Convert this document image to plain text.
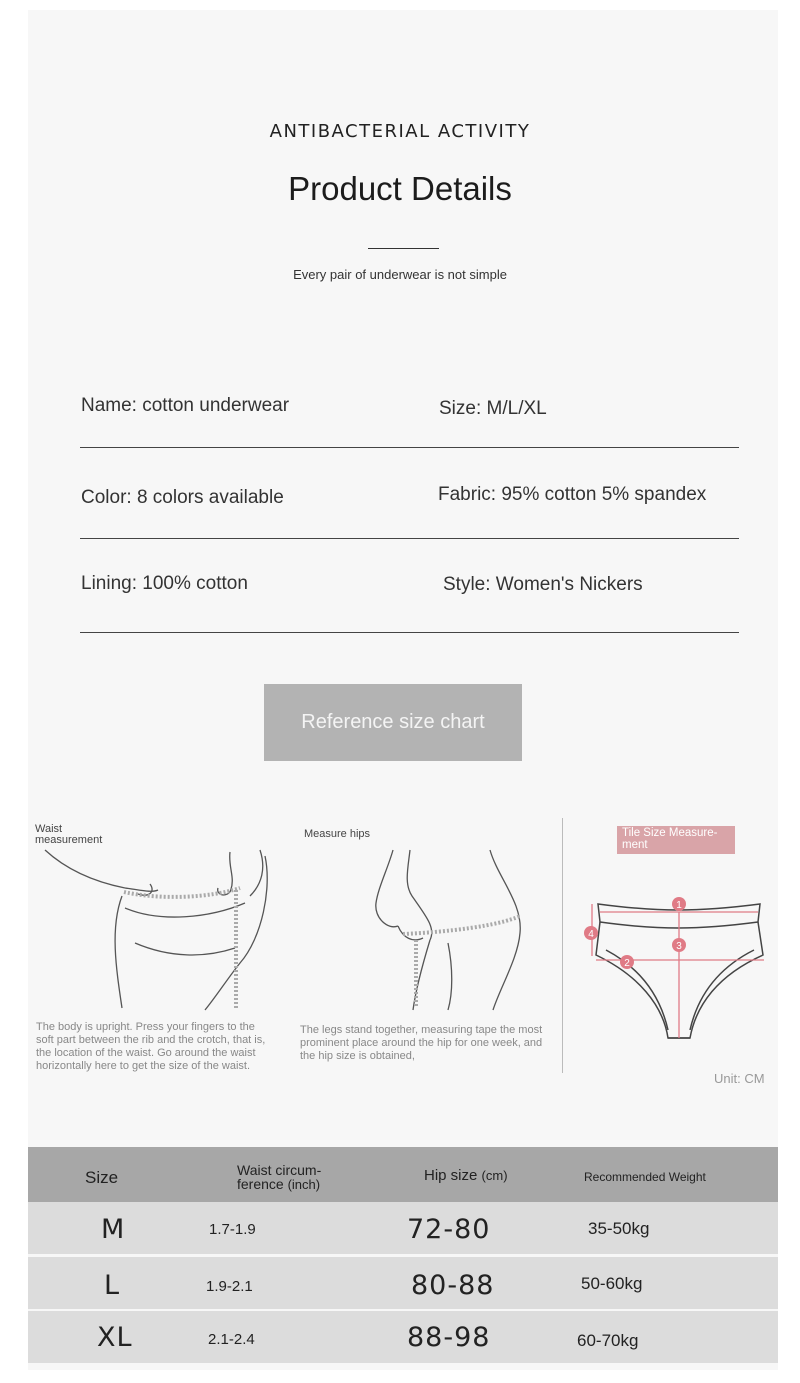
ANTIBACTERIAL ACTIVITY
Product Details
Every pair of underwear is not simple
Name: cotton underwear	Size: M/L/XL
Color: 8 colors available	Fabric: 95% cotton 5% spandex
Lining: 100% cotton	Style: Women's Nickers
Reference size chart
Waist
measurement
The body is upright. Press your fingers to the
soft part between the rib and the crotch, that is,
the location of the waist. Go around the waist
horizontally here to get the size of the waist.
Measure hips
The legs stand together, measuring tape the most
prominent place around the hip for one week, and
the hip size is obtained,
Tile Size Measure-
ment
1
2
3
4
Unit: CM
Size	Waist circum-
ference (inch)
Hip size (cm)	Recommended Weight
M	1.7-1.9	72-80	35-50kg
L	1.9-2.1	80-88	50-60kg
XL	2.1-2.4	88-98	60-70kg
